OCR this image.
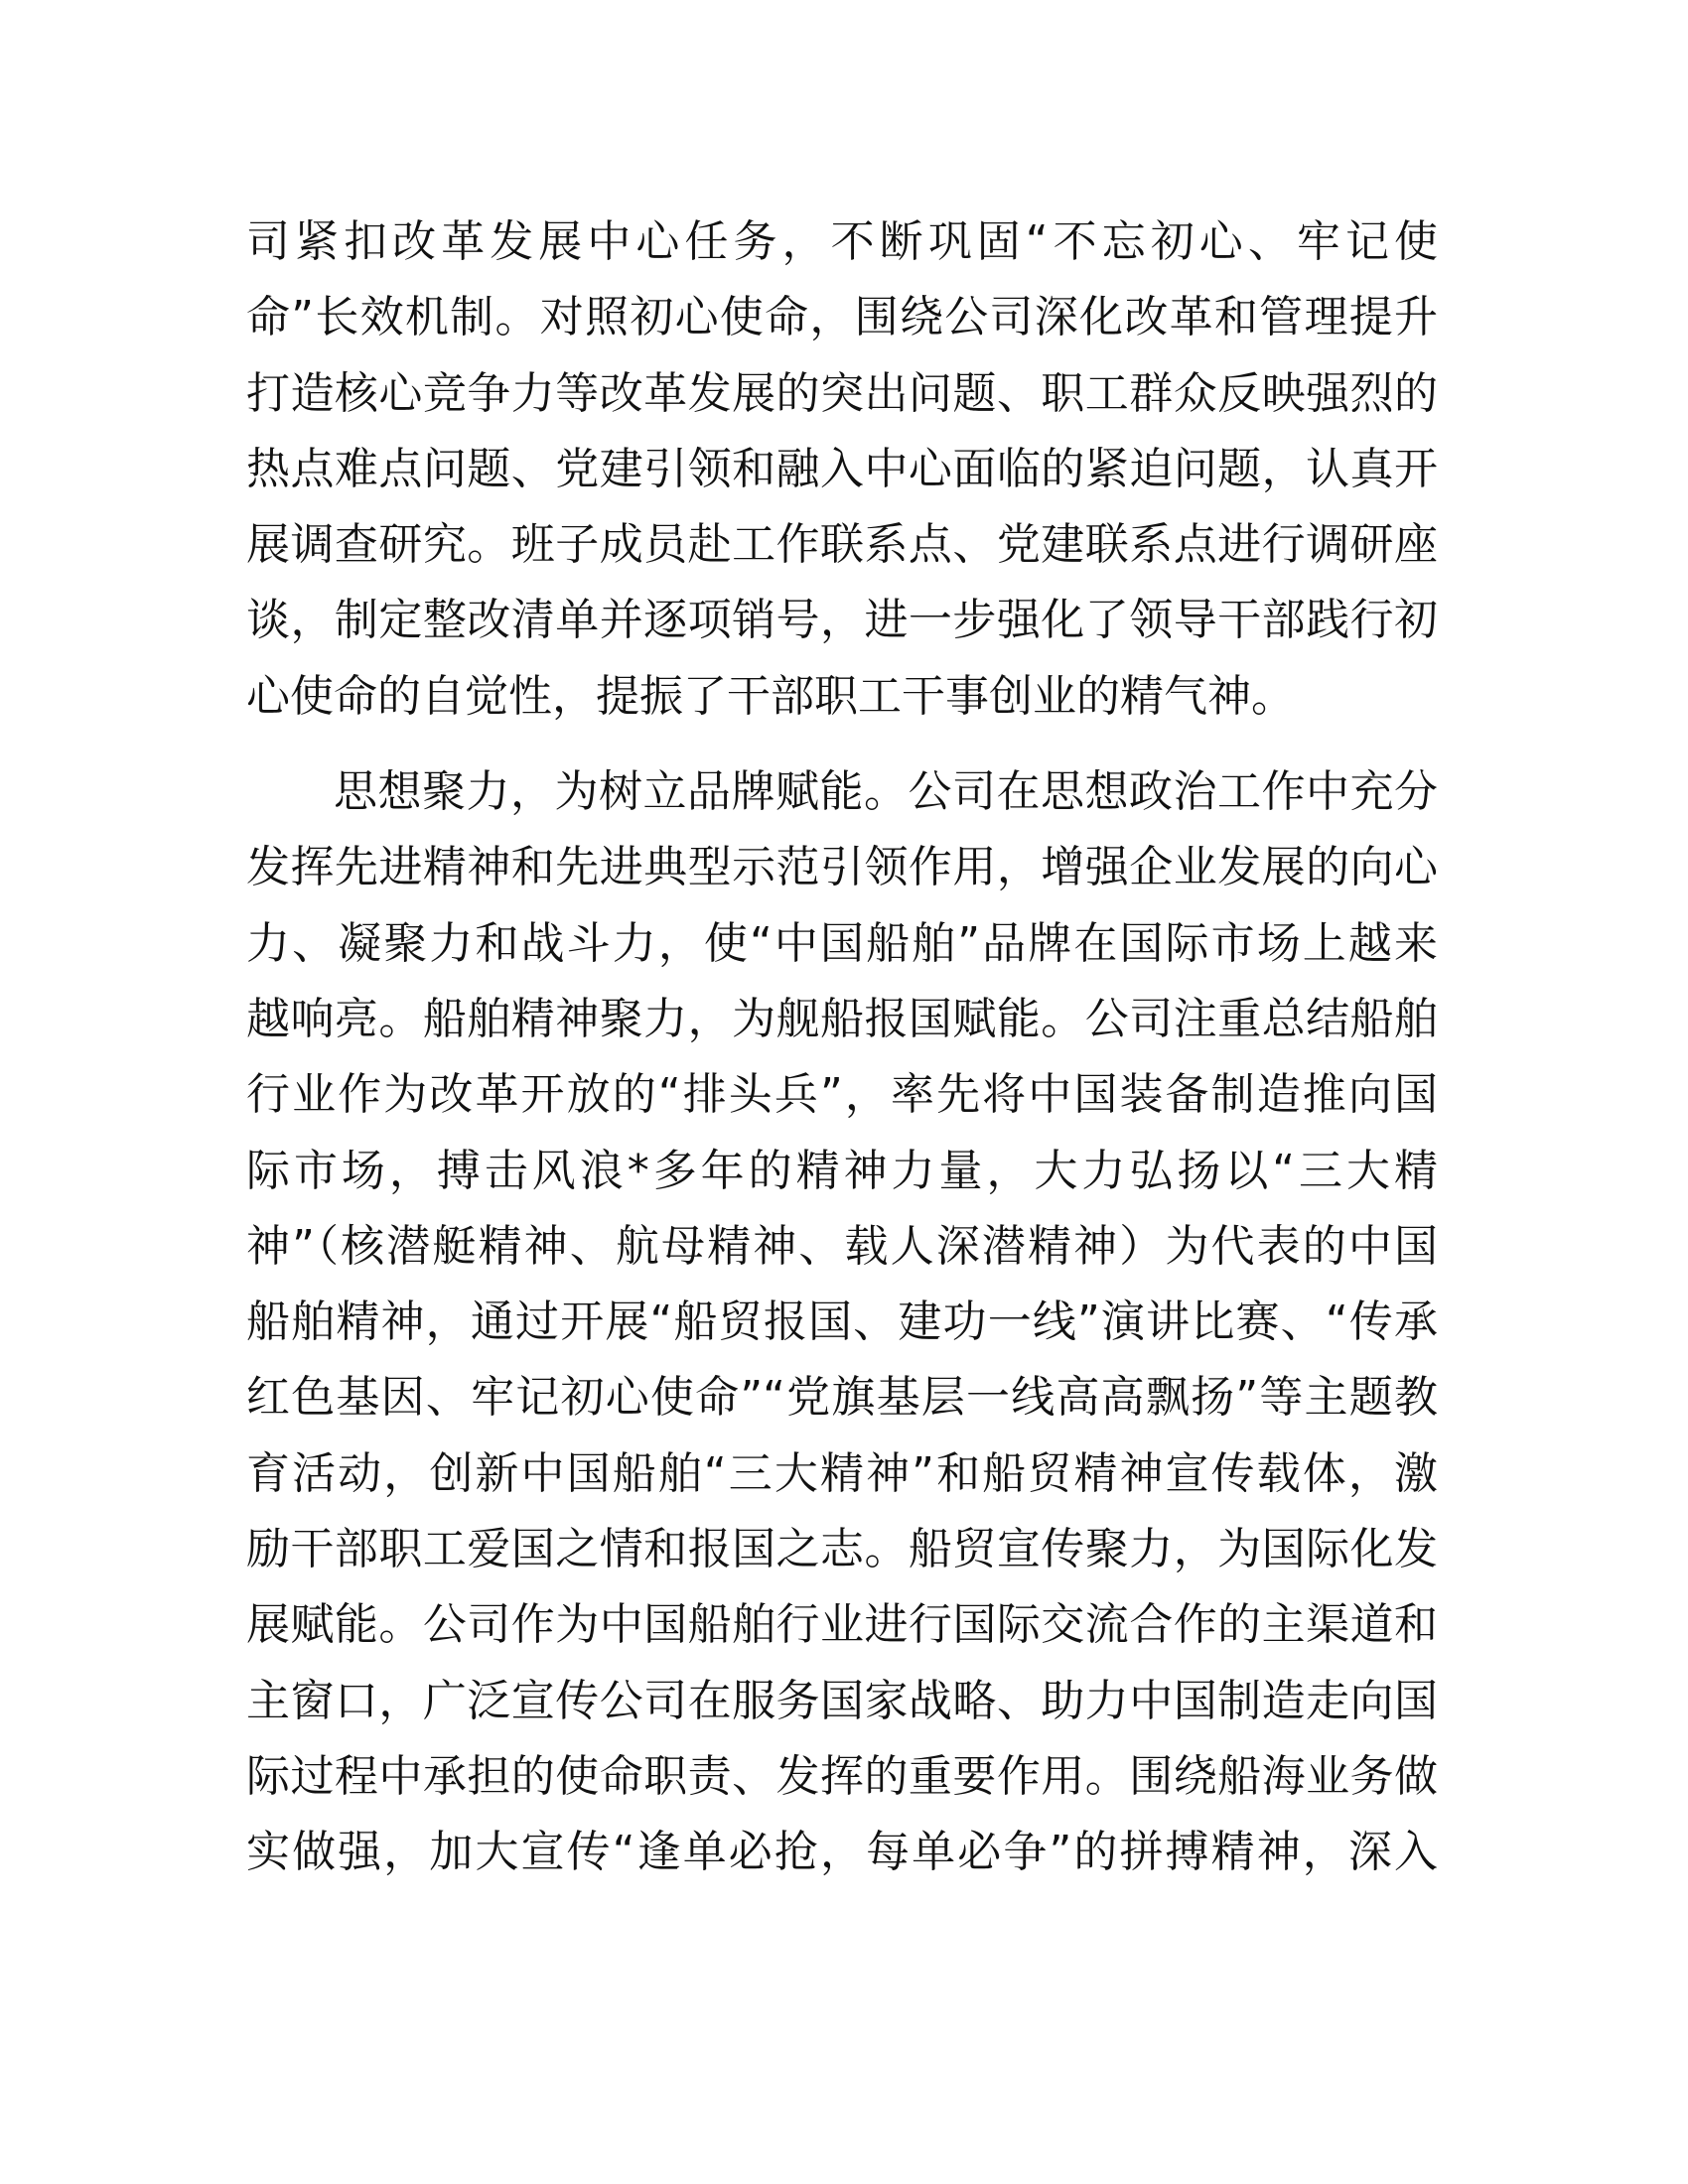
司紧扣改革发展中心任务，不断巩固“不忘初心、牢记使
命”长效机制。对照初心使命，围绕公司深化改革和管理提升
打造核心竞争力等改革发展的突出问题、职工群众反映强烈的
热点难点问题、党建引领和融入中心面临的紧迫问题，认真开
展调查研究。班子成员赴工作联系点、党建联系点进行调研座
谈，制定整改清单并逐项销号，进一步强化了领导干部践行初
心使命的自觉性，提振了干部职工干事创业的精气神。
思想聚力，为树立品牌赋能。公司在思想政治工作中充分
发挥先进精神和先进典型示范引领作用，增强企业发展的向心
力、凝聚力和战斗力，使“中国船舶”品牌在国际市场上越来
越响亮。船舶精神聚力，为舰船报国赋能。公司注重总结船舶
行业作为改革开放的“排头兵”，率先将中国装备制造推向国
际市场，搏击风浪*多年的精神力量，大力弘扬以“三大精
神”（核潜艇精神、航母精神、载人深潜精神）为代表的中国
船舶精神，通过开展“船贸报国、建功一线”演讲比赛、“传承
红色基因、牢记初心使命”“党旗基层一线高高飘扬”等主题教
育活动，创新中国船舶“三大精神”和船贸精神宣传载体，激
励干部职工爱国之情和报国之志。船贸宣传聚力，为国际化发
展赋能。公司作为中国船舶行业进行国际交流合作的主渠道和
主窗口，广泛宣传公司在服务国家战略、助力中国制造走向国
际过程中承担的使命职责、发挥的重要作用。围绕船海业务做
实做强，加大宣传“逢单必抢，每单必争”的拼搏精神，深入
